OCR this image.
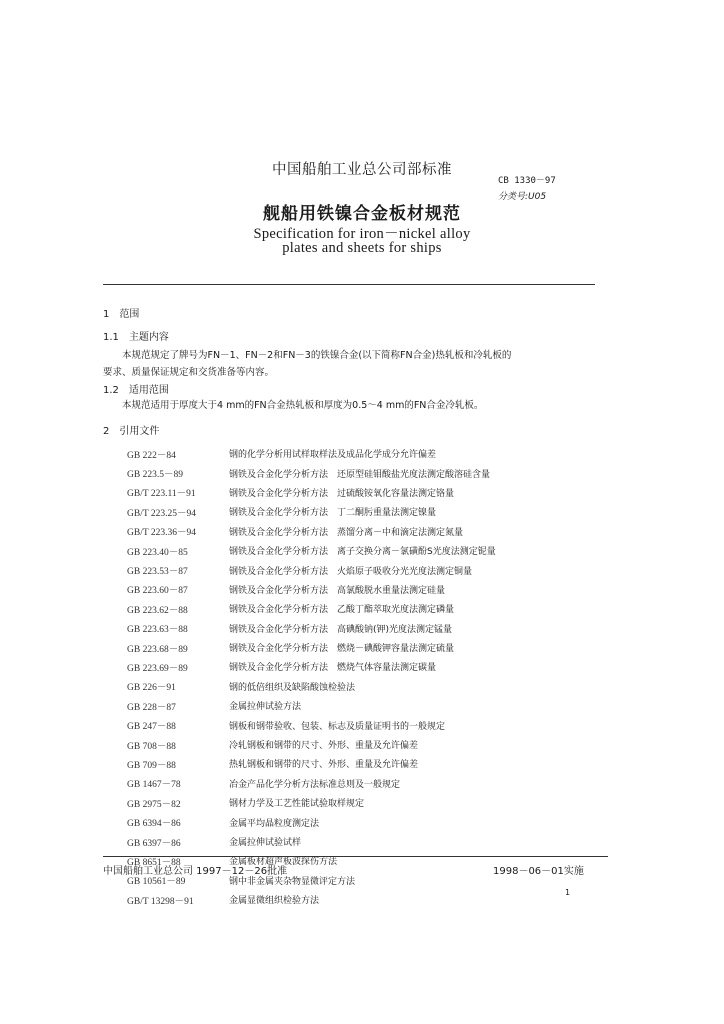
中国船舶工业总公司部标准
CB 1330－97
分类号:U05
舰船用铁镍合金板材规范
Specification for iron－nickel alloy
plates and sheets for ships
1　范围
1.1　主题内容
本规范规定了牌号为FN－1、FN－2和FN－3的铁镍合金(以下简称FN合金)热轧板和冷轧板的
要求、质量保证规定和交货准备等内容。
1.2　适用范围
本规范适用于厚度大于4 mm的FN合金热轧板和厚度为0.5～4 mm的FN合金冷轧板。
2　引用文件
GB 222－84	钢的化学分析用试样取样法及成品化学成分允许偏差
GB 223.5－89	钢铁及合金化学分析方法　还原型硅钼酸盐光度法测定酸溶硅含量
GB/T 223.11－91	钢铁及合金化学分析方法　过硫酸铵氧化容量法测定铬量
GB/T 223.25－94	钢铁及合金化学分析方法　丁二酮肟重量法测定镍量
GB/T 223.36－94	钢铁及合金化学分析方法　蒸馏分离－中和滴定法测定氮量
GB 223.40－85	钢铁及合金化学分析方法　离子交换分离－氯磺酚S光度法测定铌量
GB 223.53－87	钢铁及合金化学分析方法　火焰原子吸收分光光度法测定铜量
GB 223.60－87	钢铁及合金化学分析方法　高氯酸脱水重量法测定硅量
GB 223.62－88	钢铁及合金化学分析方法　乙酸丁酯萃取光度法测定磷量
GB 223.63－88	钢铁及合金化学分析方法　高碘酸钠(钾)光度法测定锰量
GB 223.68－89	钢铁及合金化学分析方法　燃烧－碘酸钾容量法测定硫量
GB 223.69－89	钢铁及合金化学分析方法　燃烧气体容量法测定碳量
GB 226－91	钢的低倍组织及缺陷酸蚀检验法
GB 228－87	金属拉伸试验方法
GB 247－88	钢板和钢带验收、包装、标志及质量证明书的一般规定
GB 708－88	冷轧钢板和钢带的尺寸、外形、重量及允许偏差
GB 709－88	热轧钢板和钢带的尺寸、外形、重量及允许偏差
GB 1467－78	冶金产品化学分析方法标准总则及一般规定
GB 2975－82	钢材力学及工艺性能试验取样规定
GB 6394－86	金属平均晶粒度测定法
GB 6397－86	金属拉伸试验试样
GB 8651－88	金属板材超声板波探伤方法
GB 10561－89	钢中非金属夹杂物显微评定方法
GB/T 13298－91	金属显微组织检验方法
中国船舶工业总公司 1997－12－26批准	1998－06－01实施
1
